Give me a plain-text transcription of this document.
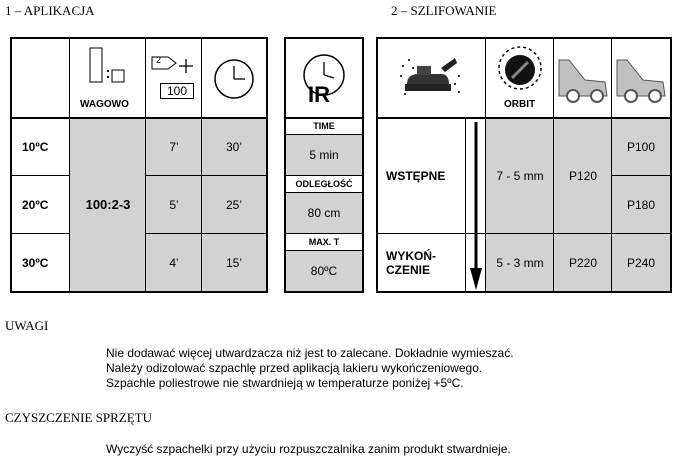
1 – APLIKACJA	2 – SZLIFOWANIE
WAGOWO
2
100
10ºC
20ºC
30ºC
100:2-3
7’
5’
4’
30’
25’
15’
IR
TIME
5 min
ODLEGŁOŚĆ
80 cm
MAX. T
80ºC
ORBIT
WSTĘPNE
WYKOŃ-
CZENIE
7 - 5 mm
5 - 3 mm
P120
P220
P100
P180
P240
UWAGI
Nie dodawać więcej utwardzacza niż jest to zalecane. Dokładnie wymieszać.
Należy odizolować szpachlę przed aplikacją lakieru wykończeniowego.
Szpachle poliestrowe nie stwardnieją w temperaturze poniżej +5ºC.
CZYSZCZENIE SPRZĘTU
Wyczyść szpachelki przy użyciu rozpuszczalnika zanim produkt stwardnieje.
